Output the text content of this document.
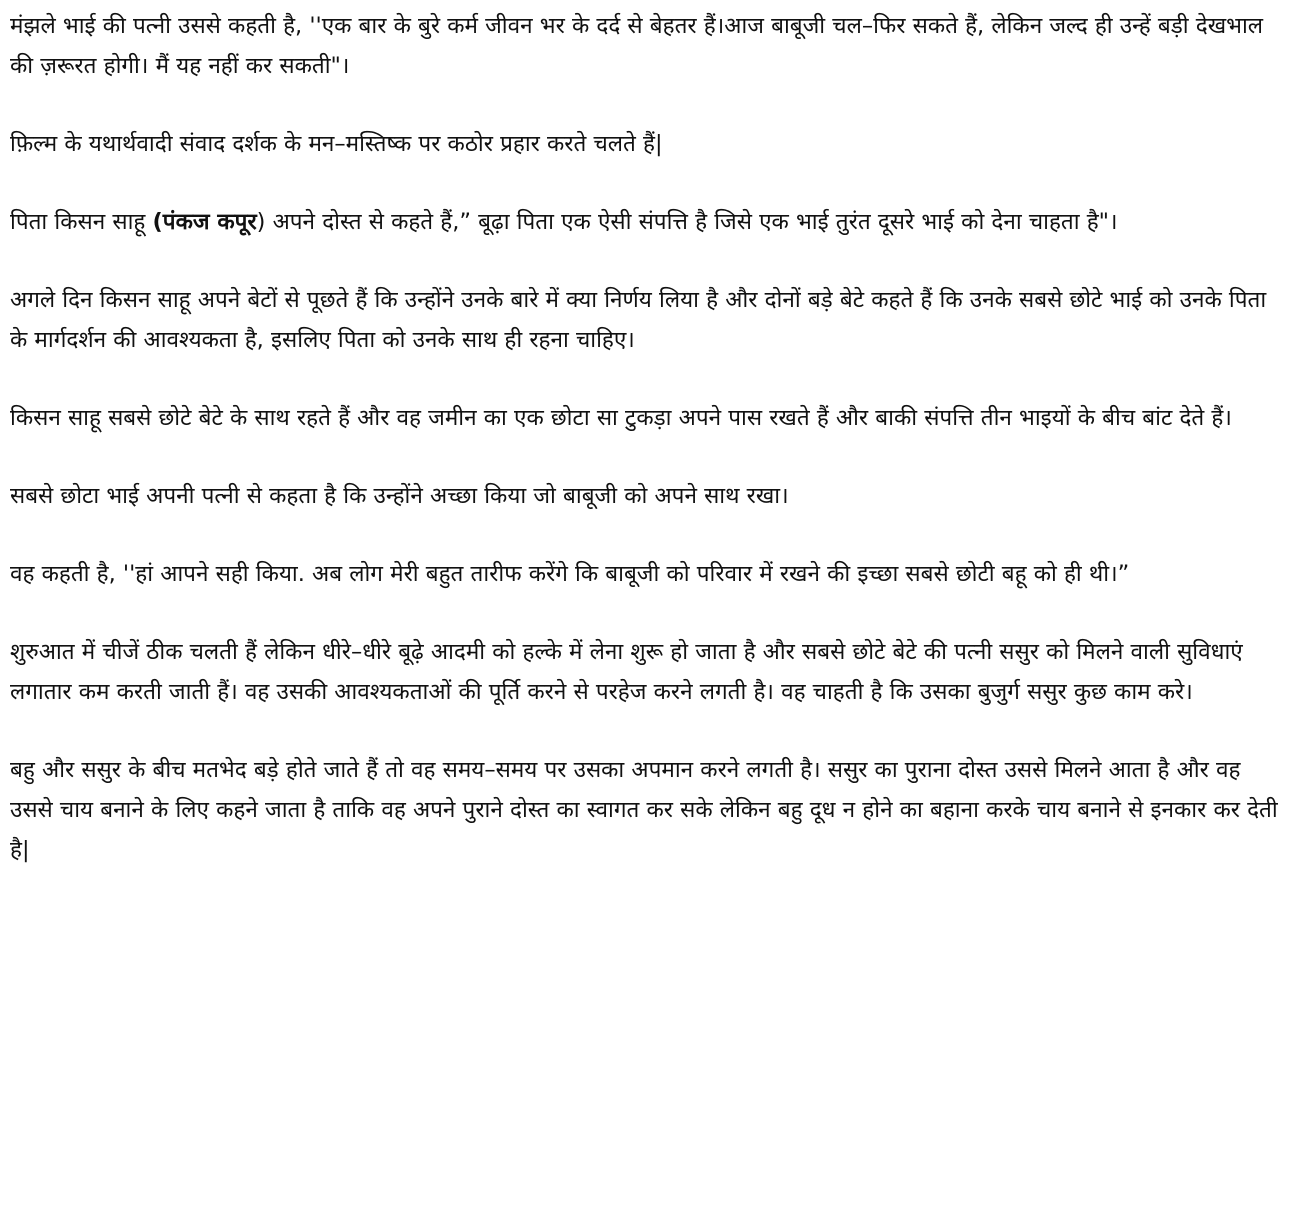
मंझले भाई की पत्नी उससे कहती है, ''एक बार के बुरे कर्म जीवन भर के दर्द से बेहतर हैं।आज बाबूजी चल–फिर सकते हैं, लेकिन जल्द ही उन्हें बड़ी देखभाल की ज़रूरत होगी। मैं यह नहीं कर सकती"।

फ़िल्म के यथार्थवादी संवाद दर्शक के मन–मस्तिष्क पर कठोर प्रहार करते चलते हैं|

पिता किसन साहू (पंकज कपूर) अपने दोस्त से कहते हैं,” बूढ़ा पिता एक ऐसी संपत्ति है जिसे एक भाई तुरंत दूसरे भाई को देना चाहता है"।

अगले दिन किसन साहू अपने बेटों से पूछते हैं कि उन्होंने उनके बारे में क्या निर्णय लिया है और दोनों बड़े बेटे कहते हैं कि उनके सबसे छोटे भाई को उनके पिता के मार्गदर्शन की आवश्यकता है, इसलिए पिता को उनके साथ ही रहना चाहिए।

किसन साहू सबसे छोटे बेटे के साथ रहते हैं और वह जमीन का एक छोटा सा टुकड़ा अपने पास रखते हैं और बाकी संपत्ति तीन भाइयों के बीच बांट देते हैं।

सबसे छोटा भाई अपनी पत्नी से कहता है कि उन्होंने अच्छा किया जो बाबूजी को अपने साथ रखा।

वह कहती है, ''हां आपने सही किया. अब लोग मेरी बहुत तारीफ करेंगे कि बाबूजी को परिवार में रखने की इच्छा सबसे छोटी बहू को ही थी।”

शुरुआत में चीजें ठीक चलती हैं लेकिन धीरे–धीरे बूढ़े आदमी को हल्के में लेना शुरू हो जाता है और सबसे छोटे बेटे की पत्नी ससुर को मिलने वाली सुविधाएं लगातार कम करती जाती हैं। वह उसकी आवश्यकताओं की पूर्ति करने से परहेज करने लगती है। वह चाहती है कि उसका बुजुर्ग ससुर कुछ काम करे।

बहु और ससुर के बीच मतभेद बड़े होते जाते हैं तो वह समय–समय पर उसका अपमान करने लगती है। ससुर का पुराना दोस्त उससे मिलने आता है और वह उससे चाय बनाने के लिए कहने जाता है ताकि वह अपने पुराने दोस्त का स्वागत कर सके लेकिन बहु दूध न होने का बहाना करके चाय बनाने से इनकार कर देती है|
